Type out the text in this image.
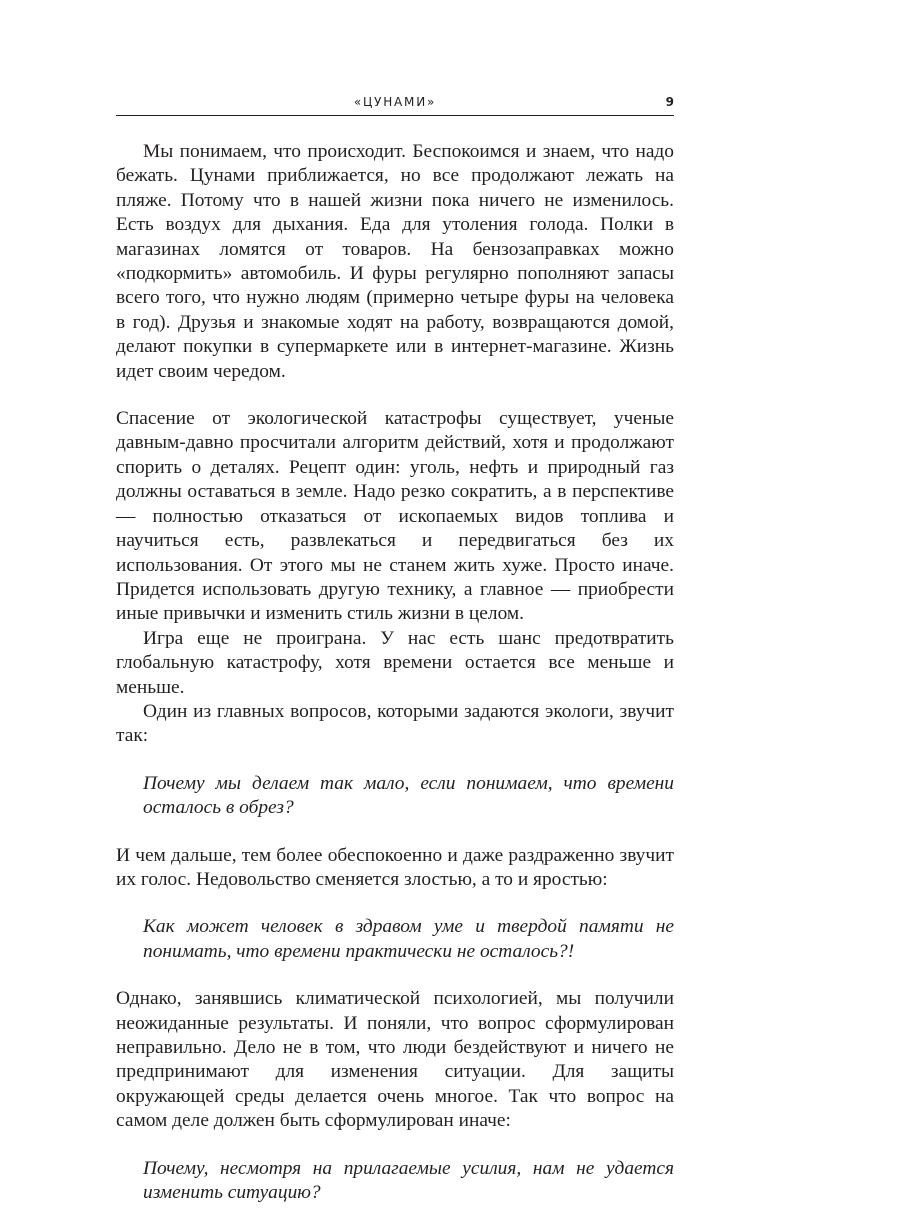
«ЦУНАМИ»	9

Мы понимаем, что происходит. Беспокоимся и знаем, что надо бежать. Цунами приближается, но все продолжают лежать на пляже. Потому что в нашей жизни пока ничего не изменилось. Есть воздух для дыхания. Еда для утоления голода. Полки в магазинах ломятся от товаров. На бензозаправках можно «подкормить» автомобиль. И фуры регулярно пополняют запасы всего того, что нужно людям (примерно четыре фуры на человека в год). Друзья и знакомые ходят на работу, возвращаются домой, делают покупки в супермаркете или в интернет-магазине. Жизнь идет своим чередом.

Спасение от экологической катастрофы существует, ученые давным-давно просчитали алгоритм действий, хотя и продолжают спорить о деталях. Рецепт один: уголь, нефть и природный газ должны оставаться в земле. Надо резко сократить, а в перспективе — полностью отказаться от ископаемых видов топлива и научиться есть, развлекаться и передвигаться без их использования. От этого мы не станем жить хуже. Просто иначе. Придется использовать другую технику, а главное — приобрести иные привычки и изменить стиль жизни в целом.

Игра еще не проиграна. У нас есть шанс предотвратить глобальную катастрофу, хотя времени остается все меньше и меньше.

Один из главных вопросов, которыми задаются экологи, звучит так:

Почему мы делаем так мало, если понимаем, что времени осталось в обрез?

И чем дальше, тем более обеспокоенно и даже раздраженно звучит их голос. Недовольство сменяется злостью, а то и яростью:

Как может человек в здравом уме и твердой памяти не понимать, что времени практически не осталось?!

Однако, занявшись климатической психологией, мы получили неожиданные результаты. И поняли, что вопрос сформулирован неправильно. Дело не в том, что люди бездействуют и ничего не предпринимают для изменения ситуации. Для защиты окружающей среды делается очень многое. Так что вопрос на самом деле должен быть сформулирован иначе:

Почему, несмотря на прилагаемые усилия, нам не удается изменить ситуацию?
